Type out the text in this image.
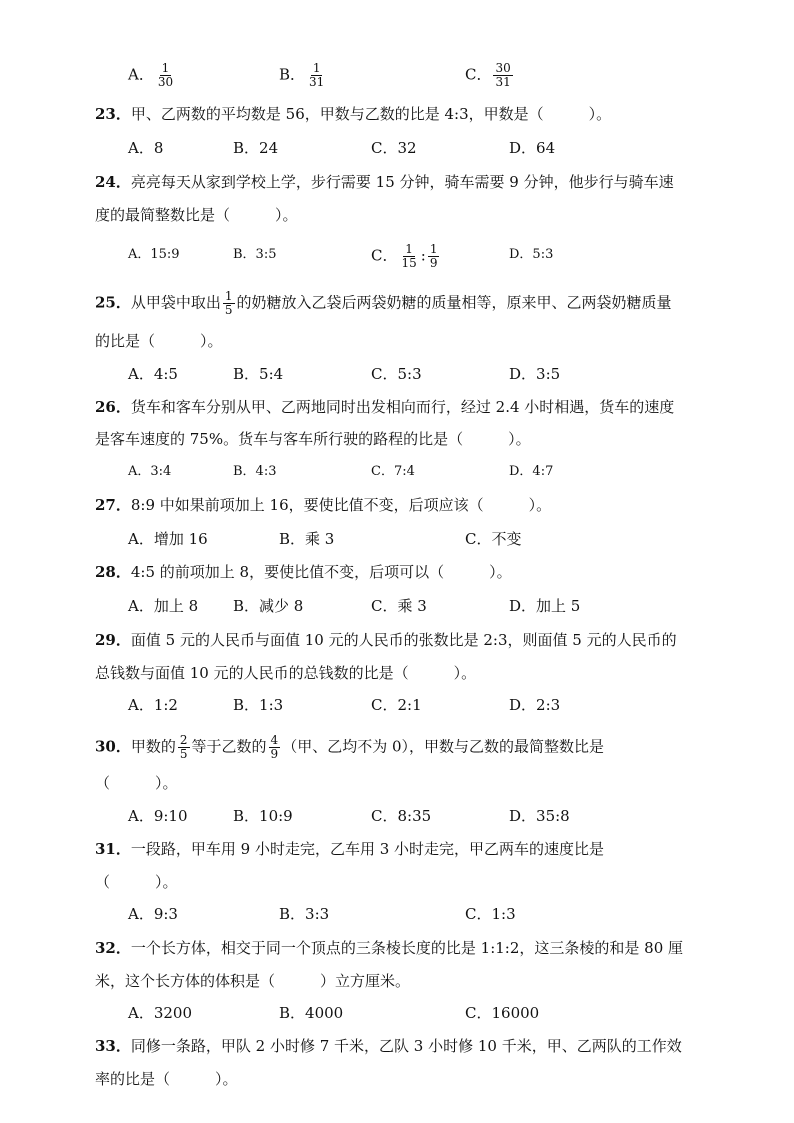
A． $\frac{1}{30}$	B． $\frac{1}{31}$	C． $\frac{30}{31}$
23．甲、乙两数的平均数是 56，甲数与乙数的比是 4:3，甲数是（　　　）。
A．8	B．24	C．32	D．64
24．亮亮每天从家到学校上学，步行需要 15 分钟，骑车需要 9 分钟，他步行与骑车速
度的最简整数比是（　　　）。
A．15:9	B．3:5	C． $\frac{1}{15}$ : $\frac{1}{9}$	D．5:3
25．从甲袋中取出 $\frac{1}{5}$ 的奶糖放入乙袋后两袋奶糖的质量相等，原来甲、乙两袋奶糖质量
的比是（　　　）。
A．4:5	B．5:4	C．5:3	D．3:5
26．货车和客车分别从甲、乙两地同时出发相向而行，经过 2.4 小时相遇，货车的速度
是客车速度的 75%。货车与客车所行驶的路程的比是（　　　）。
A．3:4	B．4:3	C．7:4	D．4:7
27．8:9 中如果前项加上 16，要使比值不变，后项应该（　　　）。
A．增加 16	B．乘 3	C．不变
28．4:5 的前项加上 8，要使比值不变，后项可以（　　　）。
A．加上 8 B．减少 8	C．乘 3	D．加上 5
29．面值 5 元的人民币与面值 10 元的人民币的张数比是 2:3，则面值 5 元的人民币的
总钱数与面值 10 元的人民币的总钱数的比是（　　　）。
A．1:2	B．1:3	C．2:1	D．2:3
30．甲数的 $\frac{2}{5}$ 等于乙数的 $\frac{4}{9}$ （甲、乙均不为 0），甲数与乙数的最简整数比是
（　　　）。
A．9:10	B．10:9	C．8:35	D．35:8
31．一段路，甲车用 9 小时走完，乙车用 3 小时走完，甲乙两车的速度比是
（　　　）。
A．9:3	B．3:3	C．1:3
32．一个长方体，相交于同一个顶点的三条棱长度的比是 1:1:2，这三条棱的和是 80 厘
米，这个长方体的体积是（　　　）立方厘米。
A．3200	B．4000	C．16000
33．同修一条路，甲队 2 小时修 7 千米，乙队 3 小时修 10 千米，甲、乙两队的工作效
率的比是（　　　）。
